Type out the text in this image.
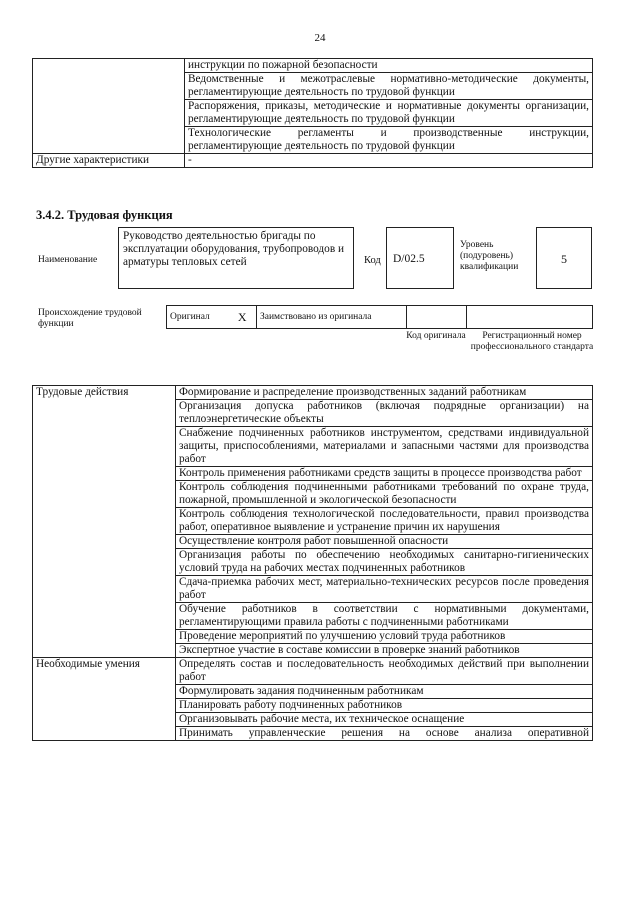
24
	инструкции по пожарной безопасности
	Ведомственные и межотраслевые нормативно-методические документы, регламентирующие деятельность по трудовой функции
	Распоряжения, приказы, методические и нормативные документы организации, регламентирующие деятельность по трудовой функции
	Технологические регламенты и производственные инструкции, регламентирующие деятельность по трудовой функции
Другие характеристики	-
3.4.2. Трудовая функция
Наименование
Руководство деятельностью бригады по эксплуатации оборудования, трубопроводов и арматуры тепловых сетей	Код	D/02.5
Уровень (подуровень) квалификации
5
Происхождение трудовой функции
Оригинал	X	Заимствовано из оригинала		
Код оригинала	Регистрационный номер профессионального стандарта
Трудовые действия	Формирование и распределение производственных заданий работникам
	Организация допуска работников (включая подрядные организации) на теплоэнергетические объекты
	Снабжение подчиненных работников инструментом, средствами индивидуальной защиты, приспособлениями, материалами и запасными частями для производства работ
	Контроль применения работниками средств защиты в процессе производства работ
	Контроль соблюдения подчиненными работниками требований по охране труда, пожарной, промышленной и экологической безопасности
	Контроль соблюдения технологической последовательности, правил производства работ, оперативное выявление и устранение причин их нарушения
	Осуществление контроля работ повышенной опасности
	Организация работы по обеспечению необходимых санитарно-гигиенических условий труда на рабочих местах подчиненных работников
	Сдача-приемка рабочих мест, материально-технических ресурсов после проведения работ
	Обучение работников в соответствии с нормативными документами, регламентирующими правила работы с подчиненными работниками
	Проведение мероприятий по улучшению условий труда работников
	Экспертное участие в составе комиссии в проверке знаний работников
Необходимые умения	Определять состав и последовательность необходимых действий при выполнении работ
	Формулировать задания подчиненным работникам
	Планировать работу подчиненных работников
	Организовывать рабочие места, их техническое оснащение
	Принимать управленческие решения на основе анализа оперативной
